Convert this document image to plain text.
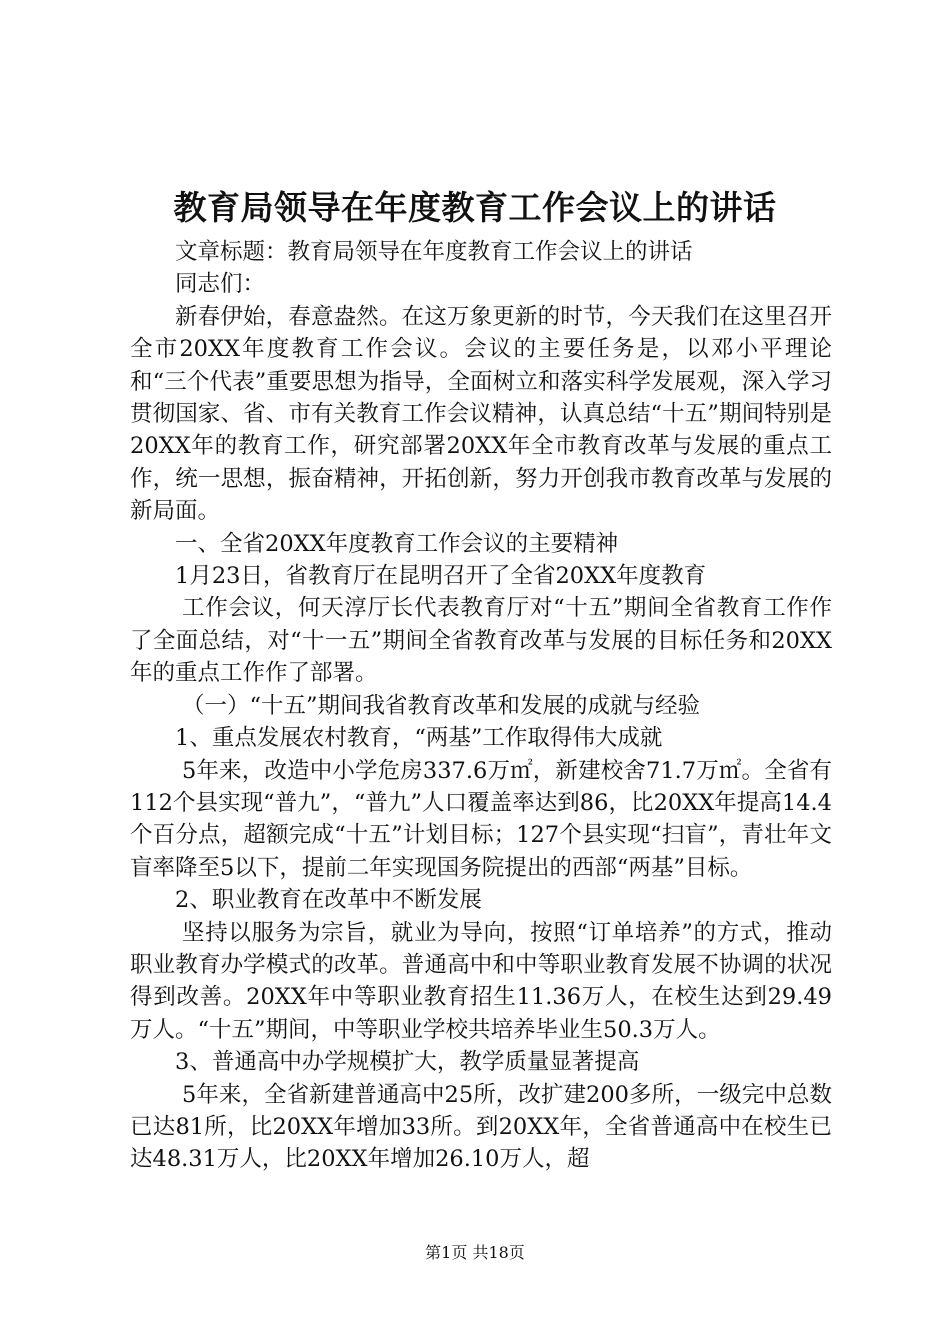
教育局领导在年度教育工作会议上的讲话

文章标题：教育局领导在年度教育工作会议上的讲话

同志们：

新春伊始，春意盎然。在这万象更新的时节，今天我们在这里召开全市20XX年度教育工作会议。会议的主要任务是，以邓小平理论和“三个代表”重要思想为指导，全面树立和落实科学发展观，深入学习贯彻国家、省、市有关教育工作会议精神，认真总结“十五”期间特别是20XX年的教育工作，研究部署20XX年全市教育改革与发展的重点工作，统一思想，振奋精神，开拓创新，努力开创我市教育改革与发展的新局面。

一、全省20XX年度教育工作会议的主要精神

1月23日，省教育厅在昆明召开了全省20XX年度教育

工作会议，何天淳厅长代表教育厅对“十五”期间全省教育工作作了全面总结，对“十一五”期间全省教育改革与发展的目标任务和20XX年的重点工作作了部署。

（一）“十五”期间我省教育改革和发展的成就与经验

1、重点发展农村教育，“两基”工作取得伟大成就

5年来，改造中小学危房337.6万㎡，新建校舍71.7万㎡。全省有112个县实现“普九”，“普九”人口覆盖率达到86，比20XX年提高14.4个百分点，超额完成“十五”计划目标；127个县实现“扫盲”，青壮年文盲率降至5以下，提前二年实现国务院提出的西部“两基”目标。

2、职业教育在改革中不断发展

坚持以服务为宗旨，就业为导向，按照“订单培养”的方式，推动职业教育办学模式的改革。普通高中和中等职业教育发展不协调的状况得到改善。20XX年中等职业教育招生11.36万人，在校生达到29.49万人。“十五”期间，中等职业学校共培养毕业生50.3万人。

3、普通高中办学规模扩大，教学质量显著提高

5年来，全省新建普通高中25所，改扩建200多所，一级完中总数已达81所，比20XX年增加33所。到20XX年，全省普通高中在校生已达48.31万人，比20XX年增加26.10万人，超

第1页 共18页
